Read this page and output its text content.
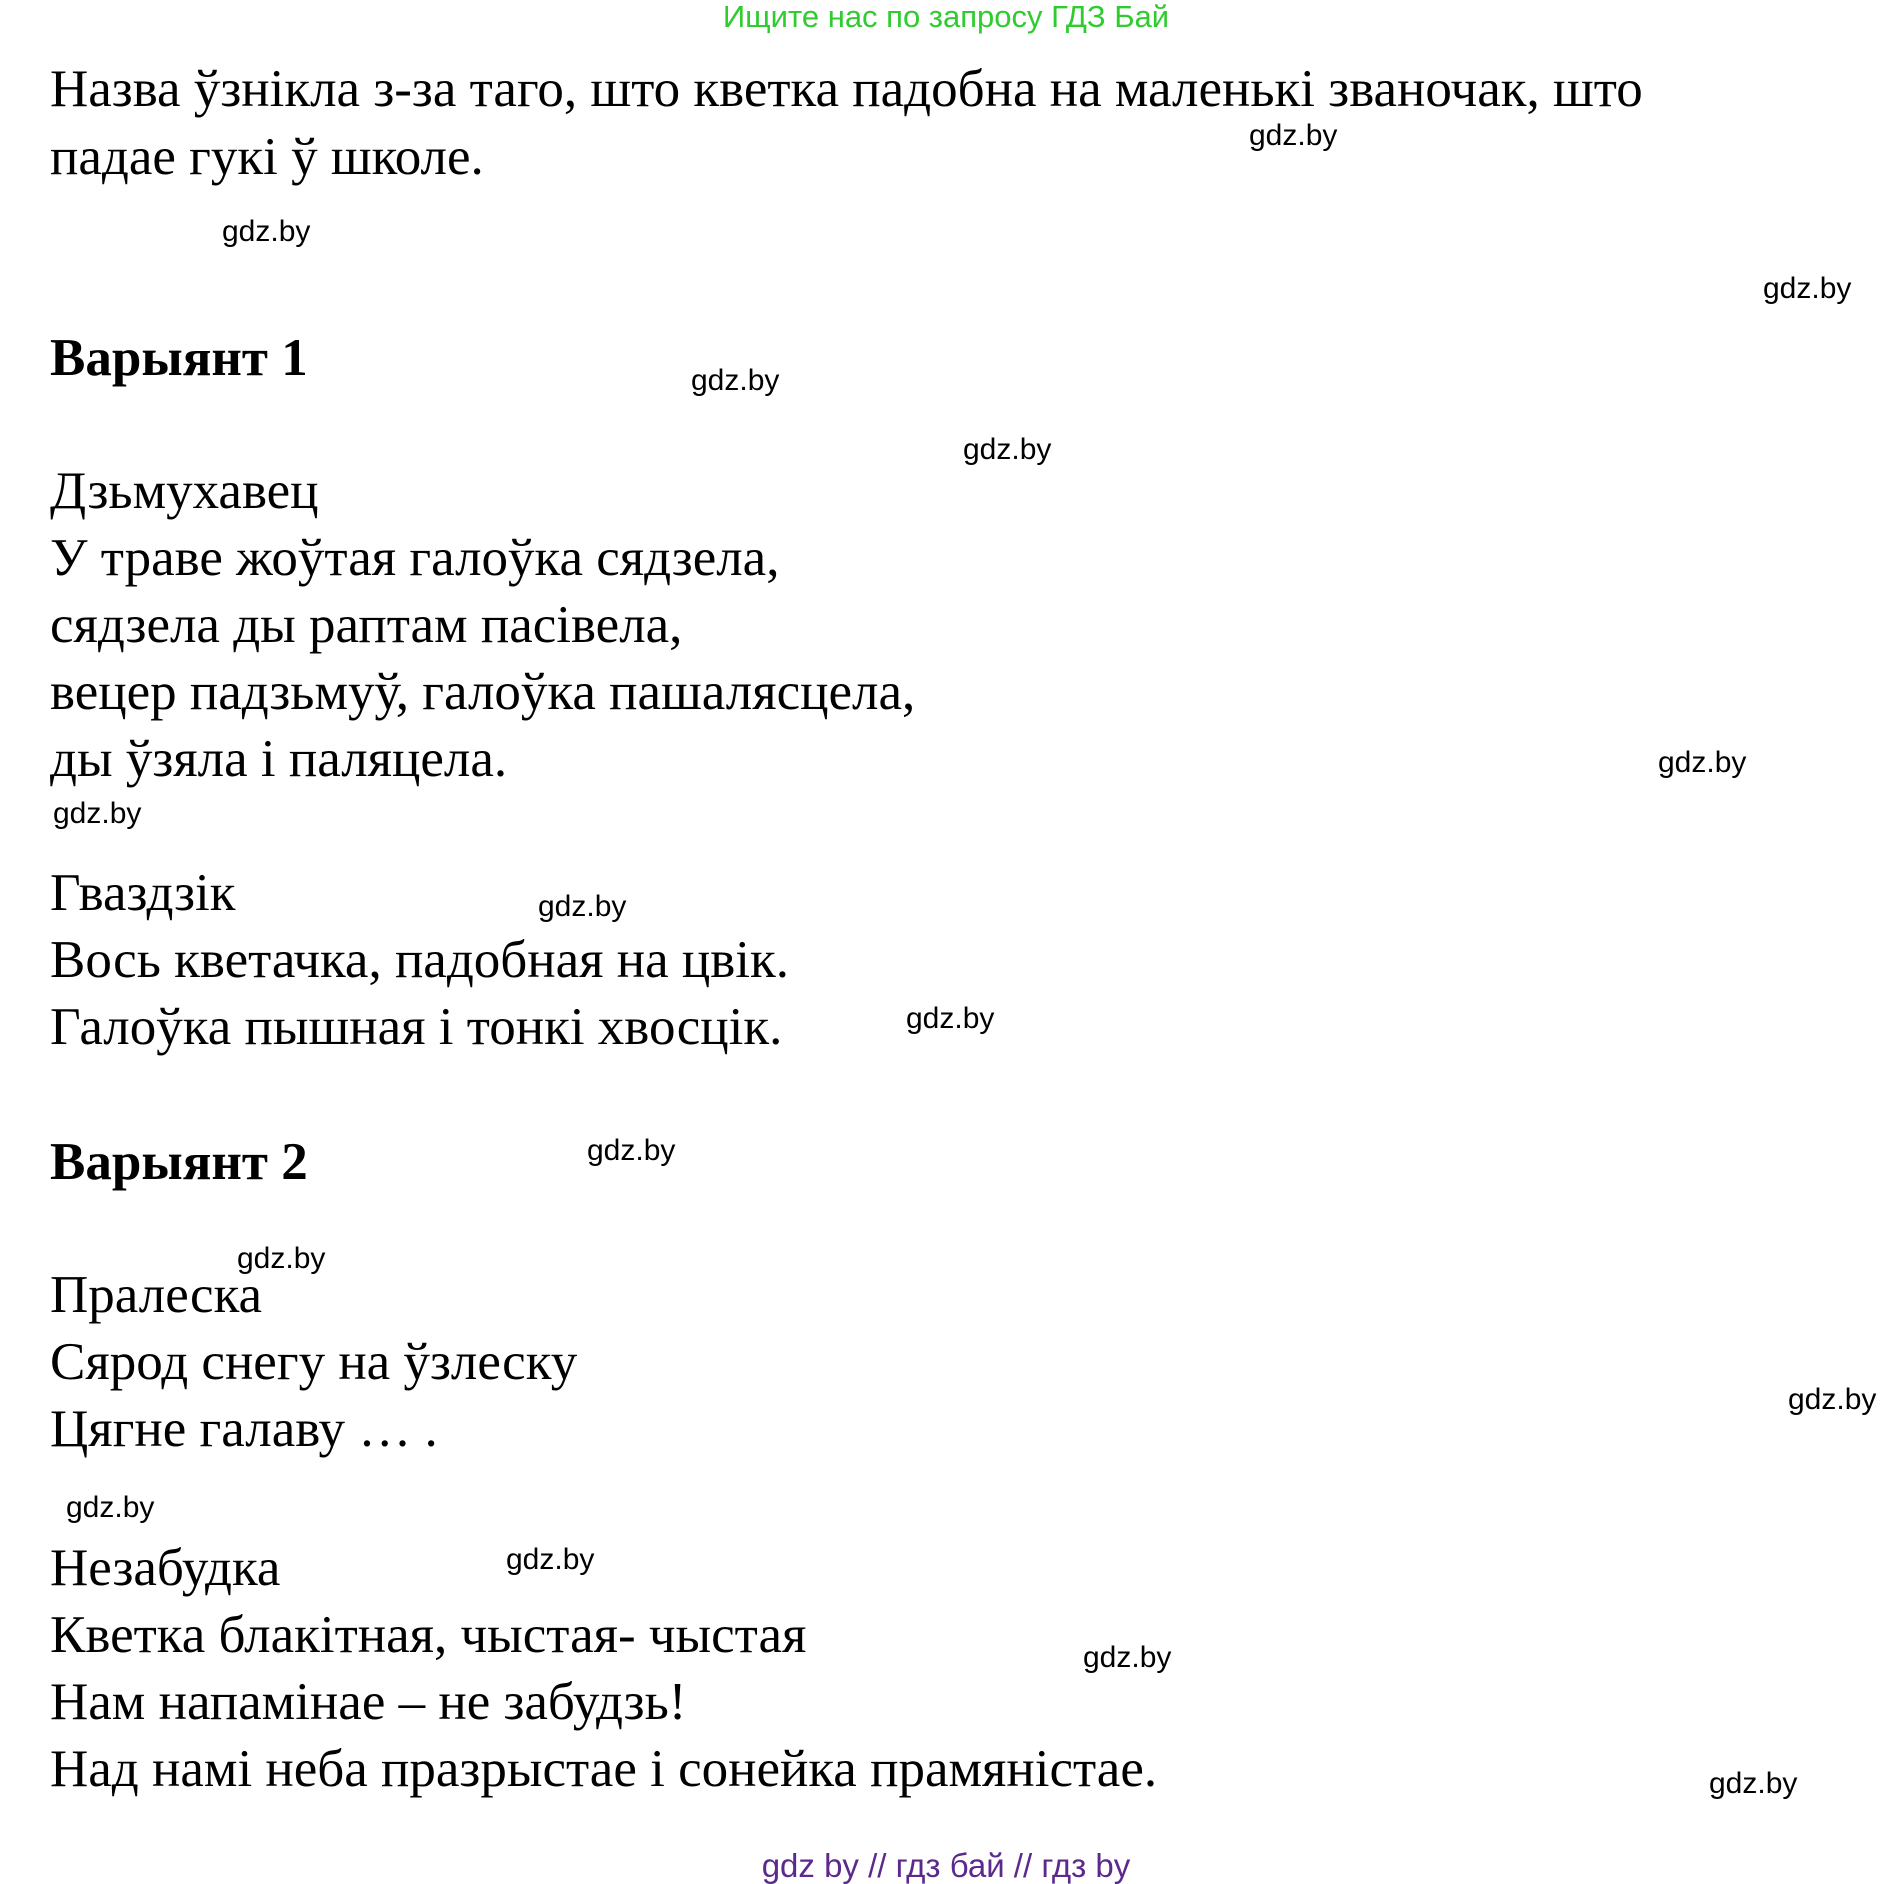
Ищите нас по запросу ГДЗ Бай

Назва ўзнікла з-за таго, што кветка падобна на маленькі званочак, што

падае гукі ў школе.

Варыянт 1

Дзьмухавец

У траве жоўтая галоўка сядзела,

сядзела ды раптам пасівела,

вецер падзьмуў, галоўка пашалясцела,

ды ўзяла і паляцела.

Гваздзік

Вось кветачка, падобная на цвік.

Галоўка пышная і тонкі хвосцік.

Варыянт 2

Пралеска

Сярод снегу на ўзлеску

Цягне галаву … .

Незабудка

Кветка блакітная, чыстая- чыстая

Нам напамінае – не забудзь!

Над намі неба празрыстае і сонейка прамяністае.

gdz.by
gdz.by
gdz.by
gdz.by
gdz.by
gdz.by
gdz.by
gdz.by
gdz.by
gdz.by
gdz.by
gdz.by
gdz.by
gdz.by
gdz.by
gdz.by
gdz by // гдз бай // гдз by
